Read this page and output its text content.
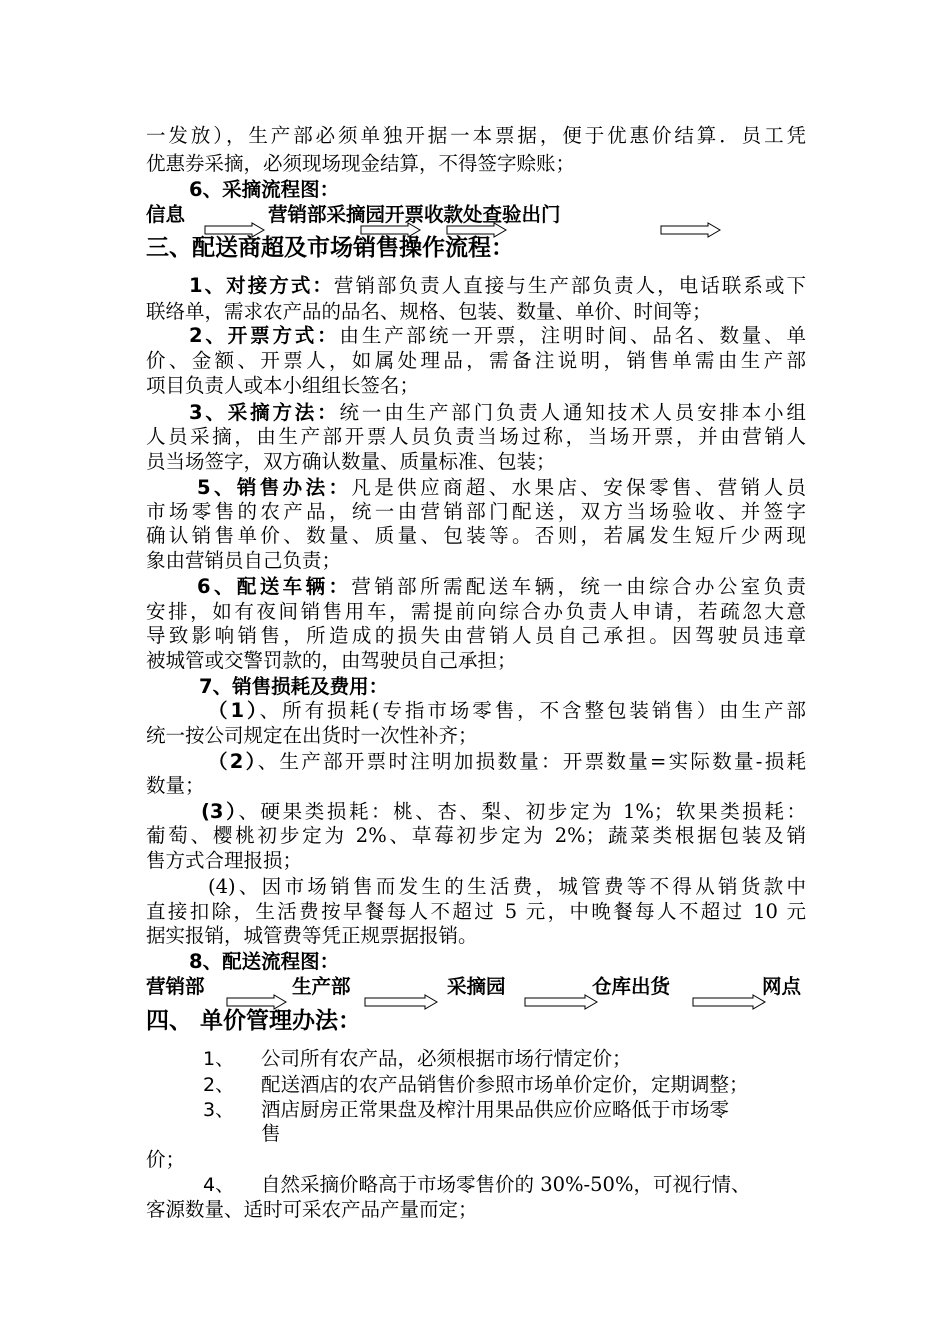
一发放），生产部必须单独开据一本票据，便于优惠价结算．员工凭
优惠券采摘，必须现场现金结算，不得签字赊账；
6、采摘流程图：
信息	营销部采摘园开票收款处查验出门
三、配送商超及市场销售操作流程：
1、对接方式：营销部负责人直接与生产部负责人，电话联系或下
联络单，需求农产品的品名、规格、包装、数量、单价、时间等；
2、开票方式：由生产部统一开票，注明时间、品名、数量、单
价、金额、开票人，如属处理品，需备注说明，销售单需由生产部
项目负责人或本小组组长签名；
3、采摘方法：统一由生产部门负责人通知技术人员安排本小组
人员采摘，由生产部开票人员负责当场过称，当场开票，并由营销人
员当场签字，双方确认数量、质量标准、包装；
5、销售办法：凡是供应商超、水果店、安保零售、营销人员
市场零售的农产品，统一由营销部门配送，双方当场验收、并签字
确认销售单价、数量、质量、包装等。否则，若属发生短斤少两现
象由营销员自己负责；
6、配送车辆：营销部所需配送车辆，统一由综合办公室负责
安排，如有夜间销售用车，需提前向综合办负责人申请，若疏忽大意
导致影响销售，所造成的损失由营销人员自己承担。因驾驶员违章
被城管或交警罚款的，由驾驶员自己承担；
7、销售损耗及费用：
（1）、所有损耗(专指市场零售，不含整包装销售）由生产部
统一按公司规定在出货时一次性补齐；
（2）、生产部开票时注明加损数量：开票数量=实际数量-损耗
数量；
(3）、硬果类损耗：桃、杏、梨、初步定为 1%；软果类损耗：
葡萄、樱桃初步定为 2%、草莓初步定为 2%；蔬菜类根据包装及销
售方式合理报损；
(4)、因市场销售而发生的生活费，城管费等不得从销货款中
直接扣除，生活费按早餐每人不超过 5 元，中晚餐每人不超过 10 元
据实报销，城管费等凭正规票据报销。
8、配送流程图：
营销部	生产部	采摘园	仓库出货	网点
四、 单价管理办法：
1、 公司所有农产品，必须根据市场行情定价；
2、 配送酒店的农产品销售价参照市场单价定价，定期调整；
3、 酒店厨房正常果盘及榨汁用果品供应价应略低于市场零
售
价；
4、 自然采摘价略高于市场零售价的 30%-50%，可视行情、
客源数量、适时可采农产品产量而定；
